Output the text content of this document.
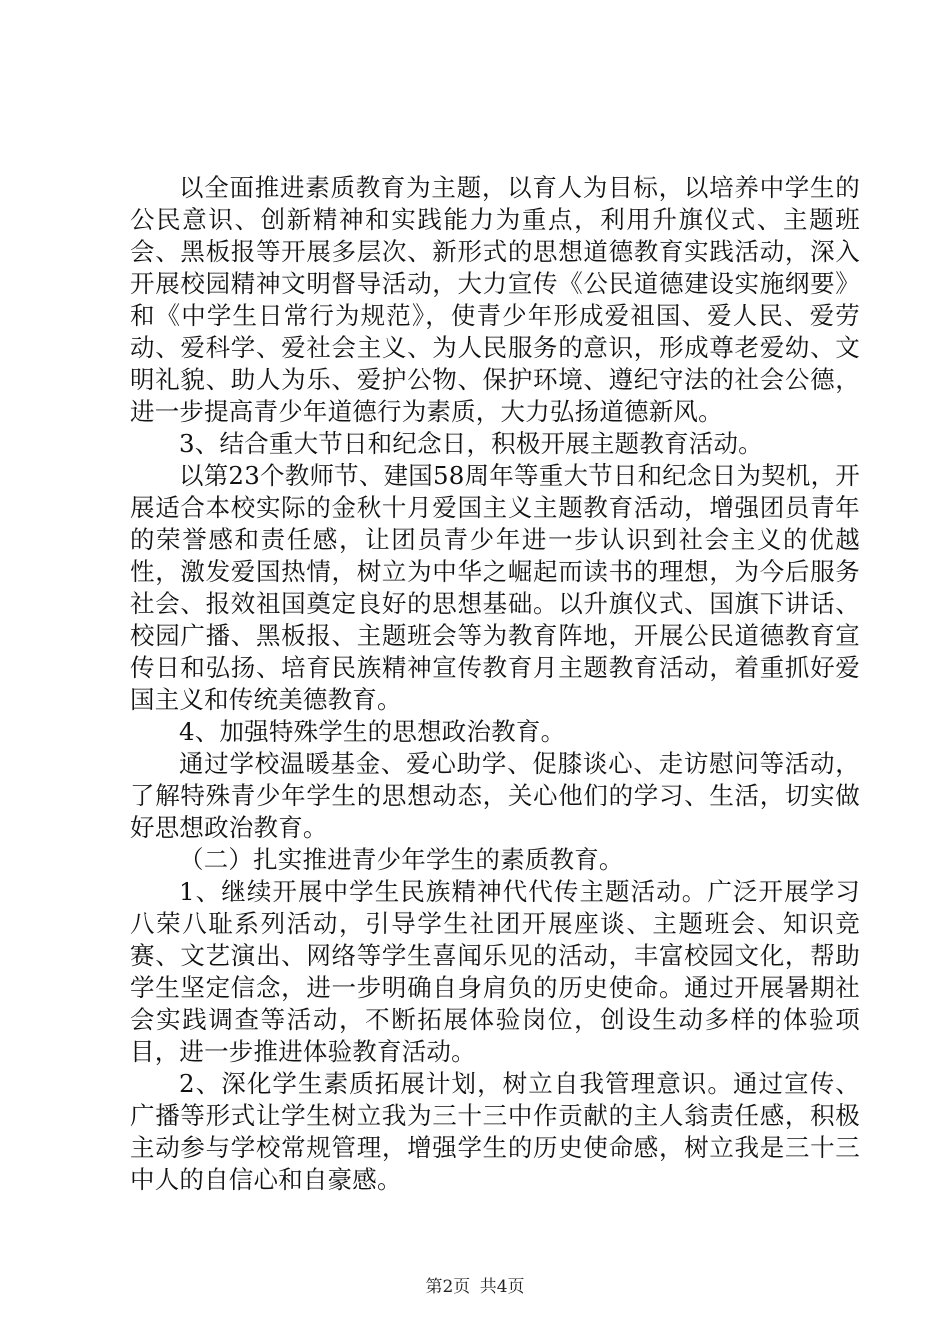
以全面推进素质教育为主题，以育人为目标，以培养中学生的公民意识、创新精神和实践能力为重点，利用升旗仪式、主题班会、黑板报等开展多层次、新形式的思想道德教育实践活动，深入开展校园精神文明督导活动，大力宣传《公民道德建设实施纲要》和《中学生日常行为规范》，使青少年形成爱祖国、爱人民、爱劳动、爱科学、爱社会主义、为人民服务的意识，形成尊老爱幼、文明礼貌、助人为乐、爱护公物、保护环境、遵纪守法的社会公德，进一步提高青少年道德行为素质，大力弘扬道德新风。

3、结合重大节日和纪念日，积极开展主题教育活动。

以第23个教师节、建国58周年等重大节日和纪念日为契机，开展适合本校实际的金秋十月爱国主义主题教育活动，增强团员青年的荣誉感和责任感，让团员青少年进一步认识到社会主义的优越性，激发爱国热情，树立为中华之崛起而读书的理想，为今后服务社会、报效祖国奠定良好的思想基础。以升旗仪式、国旗下讲话、校园广播、黑板报、主题班会等为教育阵地，开展公民道德教育宣传日和弘扬、培育民族精神宣传教育月主题教育活动，着重抓好爱国主义和传统美德教育。

4、加强特殊学生的思想政治教育。

通过学校温暖基金、爱心助学、促膝谈心、走访慰问等活动，了解特殊青少年学生的思想动态，关心他们的学习、生活，切实做好思想政治教育。

（二）扎实推进青少年学生的素质教育。

1、继续开展中学生民族精神代代传主题活动。广泛开展学习八荣八耻系列活动，引导学生社团开展座谈、主题班会、知识竞赛、文艺演出、网络等学生喜闻乐见的活动，丰富校园文化，帮助学生坚定信念，进一步明确自身肩负的历史使命。通过开展暑期社会实践调查等活动，不断拓展体验岗位，创设生动多样的体验项目，进一步推进体验教育活动。

2、深化学生素质拓展计划，树立自我管理意识。通过宣传、广播等形式让学生树立我为三十三中作贡献的主人翁责任感，积极主动参与学校常规管理，增强学生的历史使命感，树立我是三十三中人的自信心和自豪感。

第2页 共4页
